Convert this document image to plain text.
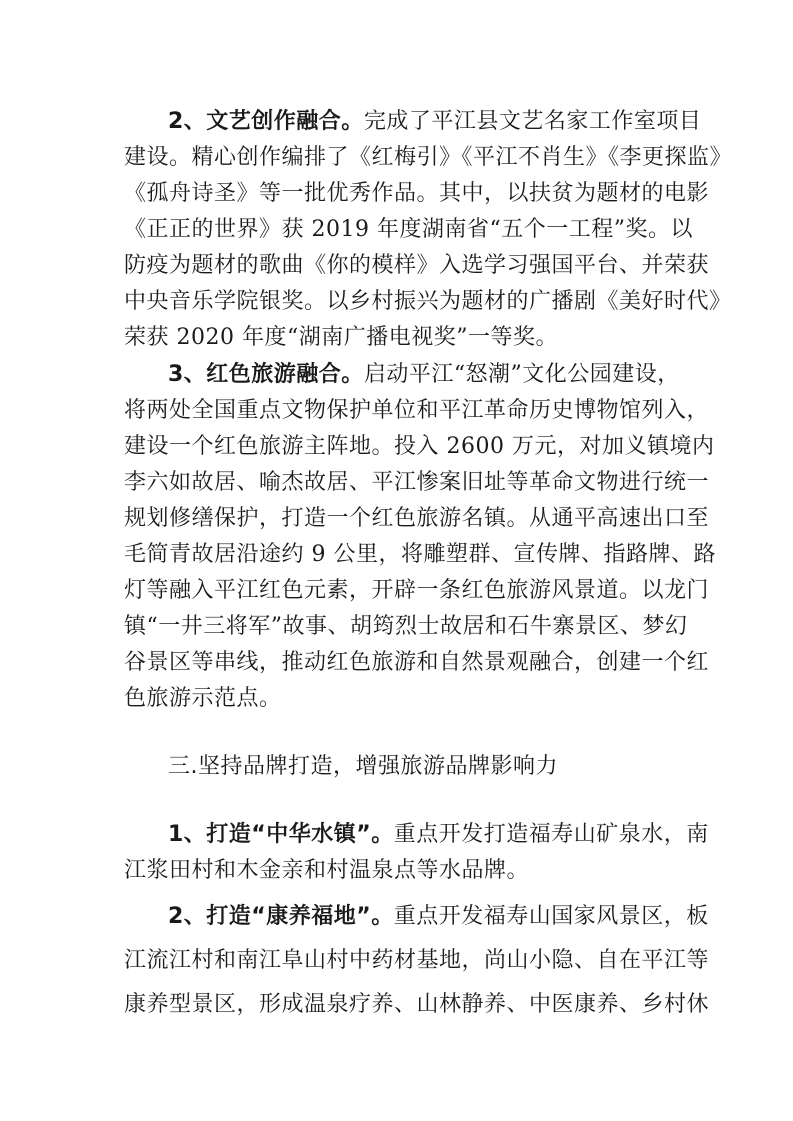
2、文艺创作融合。完成了平江县文艺名家工作室项目
建设。精心创作编排了《红梅引》《平江不肖生》《李更探监》
《孤舟诗圣》等一批优秀作品。其中，以扶贫为题材的电影
《正正的世界》获 2019 年度湖南省“五个一工程”奖。以
防疫为题材的歌曲《你的模样》入选学习强国平台、并荣获
中央音乐学院银奖。以乡村振兴为题材的广播剧《美好时代》
荣获 2020 年度“湖南广播电视奖”一等奖。
3、红色旅游融合。启动平江“怒潮”文化公园建设，
将两处全国重点文物保护单位和平江革命历史博物馆列入，
建设一个红色旅游主阵地。投入 2600 万元，对加义镇境内
李六如故居、喻杰故居、平江惨案旧址等革命文物进行统一
规划修缮保护，打造一个红色旅游名镇。从通平高速出口至
毛简青故居沿途约 9 公里，将雕塑群、宣传牌、指路牌、路
灯等融入平江红色元素，开辟一条红色旅游风景道。以龙门
镇“一井三将军”故事、胡筠烈士故居和石牛寨景区、梦幻
谷景区等串线，推动红色旅游和自然景观融合，创建一个红
色旅游示范点。
三.坚持品牌打造，增强旅游品牌影响力
1、打造“中华水镇”。重点开发打造福寿山矿泉水，南
江浆田村和木金亲和村温泉点等水品牌。
2、打造“康养福地”。重点开发福寿山国家风景区，板
江流江村和南江阜山村中药材基地，尚山小隐、自在平江等
康养型景区，形成温泉疗养、山林静养、中医康养、乡村休
